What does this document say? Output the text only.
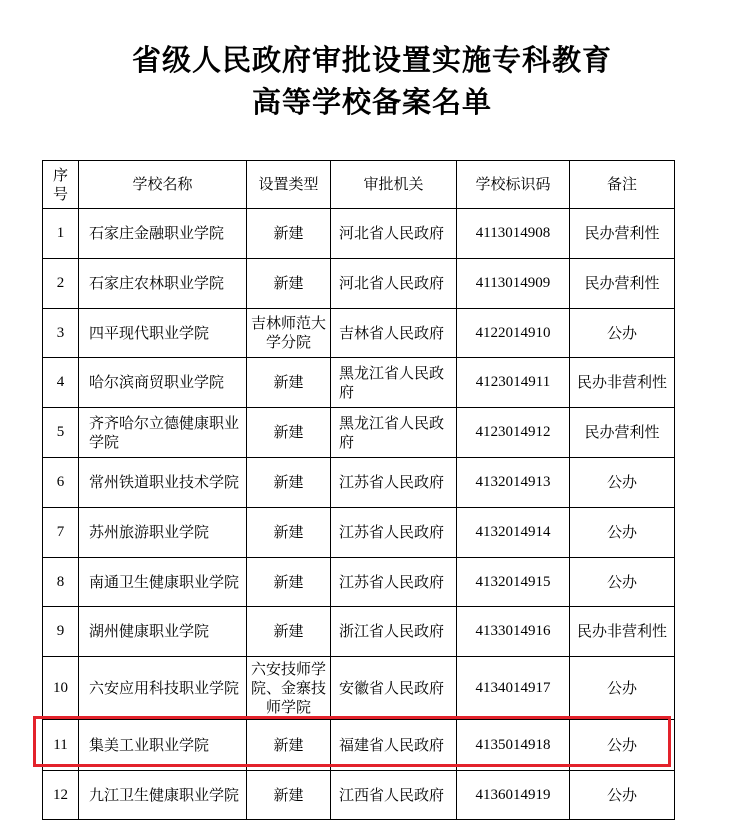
省级人民政府审批设置实施专科教育
高等学校备案名单
序号	学校名称	设置类型	审批机关	学校标识码	备注
1	石家庄金融职业学院	新建	河北省人民政府	4113014908	民办营利性
2	石家庄农林职业学院	新建	河北省人民政府	4113014909	民办营利性
3	四平现代职业学院	吉林师范大学分院	吉林省人民政府	4122014910	公办
4	哈尔滨商贸职业学院	新建	黑龙江省人民政府	4123014911	民办非营利性
5	齐齐哈尔立德健康职业学院	新建	黑龙江省人民政府	4123014912	民办营利性
6	常州铁道职业技术学院	新建	江苏省人民政府	4132014913	公办
7	苏州旅游职业学院	新建	江苏省人民政府	4132014914	公办
8	南通卫生健康职业学院	新建	江苏省人民政府	4132014915	公办
9	湖州健康职业学院	新建	浙江省人民政府	4133014916	民办非营利性
10	六安应用科技职业学院	六安技师学院、金寨技师学院	安徽省人民政府	4134014917	公办
11	集美工业职业学院	新建	福建省人民政府	4135014918	公办
12	九江卫生健康职业学院	新建	江西省人民政府	4136014919	公办
